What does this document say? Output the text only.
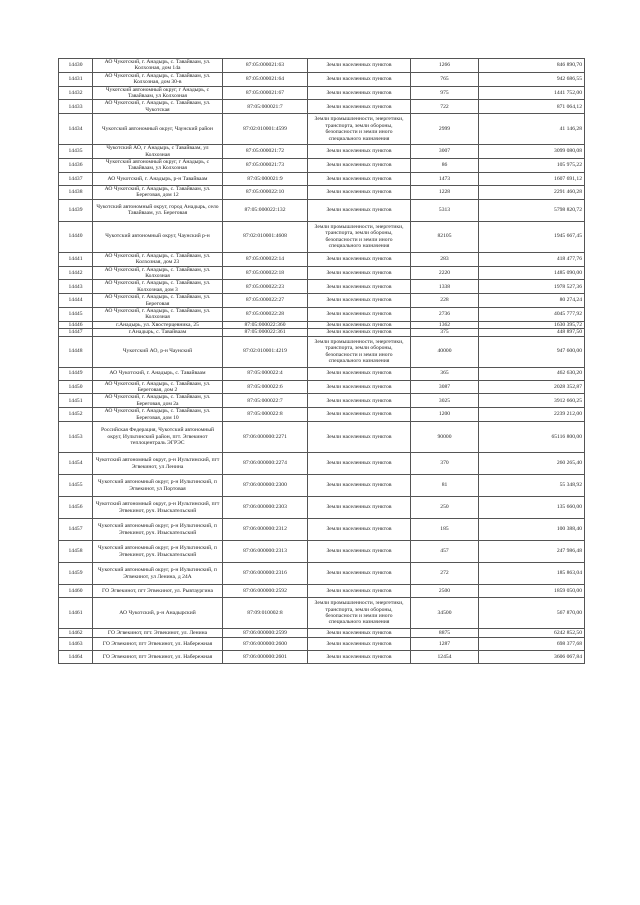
14430	АО Чукотский, г. Анадырь, с. Тавайваам, ул. Колхозная, дом 14а	87:05:000021:63	Земли населенных пунктов	1266	846 890,70
14431	АО Чукотский, г. Анадырь, с. Тавайваам, ул. Колхозная, дом 30-в	87:05:000021:64	Земли населенных пунктов	765	942 686,55
14432	Чукотский автономный округ, г Анадырь, с Тавайваам, ул Колхозная	87:05:000021:67	Земли населенных пунктов	975	1441 752,00
14433	АО Чукотский, г. Анадырь, с. Тавайваам, ул. Чукотская	87:05:000021:7	Земли населенных пунктов	722	871 064,12
14434	Чукотский автономный округ, Чаунский район	87:02:010001:4599	Земли промышленности, энергетики, транспорта, земли обороны, безопасности и земли иного специального назначения	2999	41 146,28
14435	Чукотский АО, г Анадырь, с Тавайваам, ул Колхозная	87:05:000021:72	Земли населенных пунктов	3007	3099 080,08
14436	Чукотский автономный округ, г Анадырь, с Тавайваам, ул Колхозная	87:05:000021:73	Земли населенных пунктов	86	105 975,22
14437	АО Чукотский, г. Анадырь, р-н Тавайваам	87:05:000021:9	Земли населенных пунктов	1473	1607 691,12
14438	АО Чукотский, г. Анадырь, с. Тавайваам, ул. Береговая, дом 12	87:05:000022:10	Земли населенных пунктов	1228	2291 460,28
14439	Чукотский автономный округ, город Анадырь, село Тавайваам, ул. Береговая	87:05:000022:132	Земли населенных пунктов	5313	5798 820,72
14440	Чукотский автономный округ, Чаунский р-н	87:02:010001:4608	Земли промышленности, энергетики, транспорта, земли обороны, безопасности и земли иного специального назначения	82105	1945 667,45
14441	АО Чукотский, г. Анадырь, с. Тавайваам, ул. Колхозная, дом 23	87:05:000022:14	Земли населенных пунктов	283	418 477,76
14442	АО Чукотский, г. Анадырь, с. Тавайваам, ул. Колхозная	87:05:000022:18	Земли населенных пунктов	2220	1485 090,00
14443	АО Чукотский, г. Анадырь, с. Тавайваам, ул. Колхозная, дом 3	87:05:000022:23	Земли населенных пунктов	1338	1978 527,36
14444	АО Чукотский, г. Анадырь, с. Тавайваам, ул. Береговая	87:05:000022:27	Земли населенных пунктов	228	80 274,24
14445	АО Чукотский, г. Анадырь, с. Тавайваам, ул. Колхозная	87:05:000022:28	Земли населенных пунктов	2736	4045 777,92
14446	г.Анадырь, ул. Хвостерцевника, 25	87:05:000022:360	Земли населенных пунктов	1362	1630 395,72
14447	г.Анадырь, с. Тавайваам	87:05:000022:361	Земли населенных пунктов	375	448 897,50
14448	Чукотский АО, р-н Чаунский	87:02:010001:4219	Земли промышленности, энергетики, транспорта, земли обороны, безопасности и земли иного специального назначения	40000	947 600,00
14449	АО Чукотский, г. Анадырь, с. Тавайваам	87:05:000022:4	Земли населенных пунктов	365	462 630,20
14450	АО Чукотский, г. Анадырь, с. Тавайваам, ул. Береговая, дом 2	87:05:000022:6	Земли населенных пунктов	3087	2028 352,87
14451	АО Чукотский, г. Анадырь, с. Тавайваам, ул. Береговая, дом 2а	87:05:000022:7	Земли населенных пунктов	3025	3912 660,25
14452	АО Чукотский, г. Анадырь, с. Тавайваам, ул. Береговая, дом 10	87:05:000022:8	Земли населенных пунктов	1200	2239 212,00
14453	Российская Федерация, Чукотский автономный округ, Иультинский район, пгт. Эгвекинот теплоцентраль ЭГРЭС	87:06:000000:2271	Земли населенных пунктов	90000	65116 800,00
14454	Чукотский автономный округ, р-н Иультинский, пгт Эгвекинот, ул Ленина	87:06:000000:2274	Земли населенных пунктов	370	260 265,40
14455	Чукотский автономный округ, р-н Иультинский, п Эгвекинот, ул Портовая	87:06:000000:2300	Земли населенных пунктов	81	55 348,92
14456	Чукотский автономный округ, р-н Иультинский, пгт Эгвекинот, руч. Изыскательский	87:06:000000:2303	Земли населенных пунктов	250	135 660,00
14457	Чукотский автономный округ, р-н Иультинский, п Эгвекинот, руч. Изыскательский	87:06:000000:2312	Земли населенных пунктов	185	100 388,40
14458	Чукотский автономный округ, р-н Иультинский, п Эгвекинот, руч. Изыскательский	87:06:000000:2313	Земли населенных пунктов	457	247 986,48
14459	Чукотский автономный округ, р-н Иультинский, п Эгвекинот, ул Ленина, д 24А	87:06:000000:2316	Земли населенных пунктов	272	185 863,04
14460	ГО Эгвекинот, пгт Эгвекинот, ул. Рывтаургина	87:06:000000:2592	Земли населенных пунктов	2500	1859 050,00
14461	АО Чукотский, р-н Анадырский	87:09:010002:8	Земли промышленности, энергетики, транспорта, земли обороны, безопасности и земли иного специального назначения	34500	567 870,00
14462	ГО Эгвекинот, пгт. Эгвекинот, ул. Ленина	87:06:000000:2599	Земли населенных пунктов	8875	6242 852,50
14463	ГО Эгвекинот, пгт Эгвекинот, ул. Набережная	87:06:000000:2600	Земли населенных пунктов	1287	698 377,68
14464	ГО Эгвекинот, пгт Эгвекинот, ул. Набережная	87:06:000000:2601	Земли населенных пунктов	12454	3606 067,84
